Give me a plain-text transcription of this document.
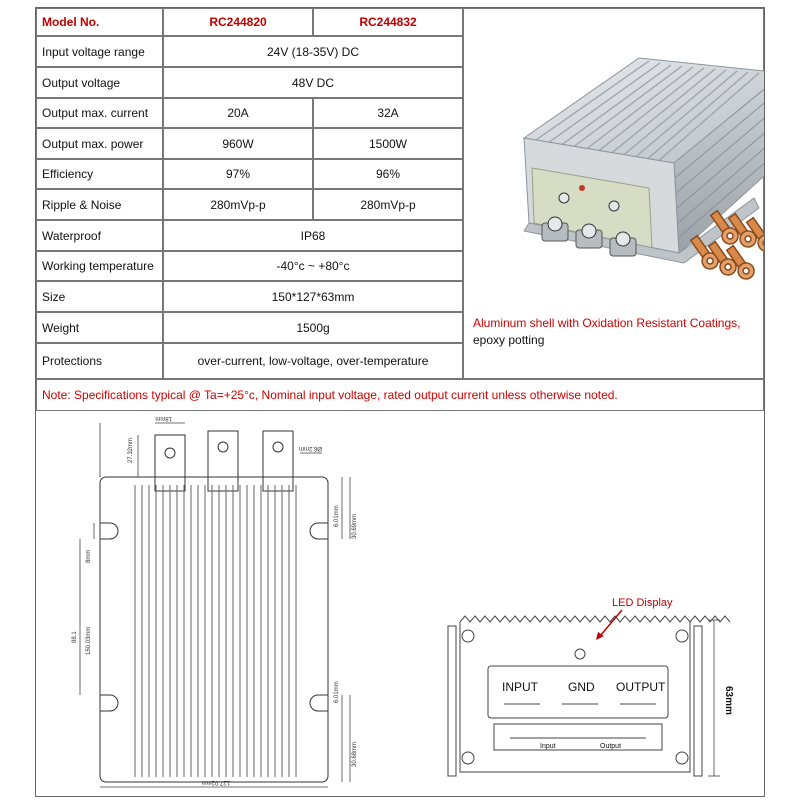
Model No.	RC244820	RC244832
Input voltage range	24V (18-35V) DC
Output voltage	48V DC
Output max. current	20A	32A
Output max. power	960W	1500W
Efficiency	97%	96%
Ripple & Noise	280mVp-p	280mVp-p
Waterproof	IP68
Working temperature	-40°c ~ +80°c
Size	150*127*63mm
Weight	1500g
Protections	over-current, low-voltage, over-temperature
Aluminum shell with Oxidation Resistant Coatings,
epoxy potting
Note: Specifications typical @ Ta=+25°c, Nominal input voltage, rated output current unless otherwise noted.
18mm
27.32mm	Ø6.2mm
6.01mm 30.69mm
8mm
88.1 150.03mm
6.01mm
30.68mm
127.02mm
LED Display
INPUT	GND OUTPUT
Input	Output
63mm
